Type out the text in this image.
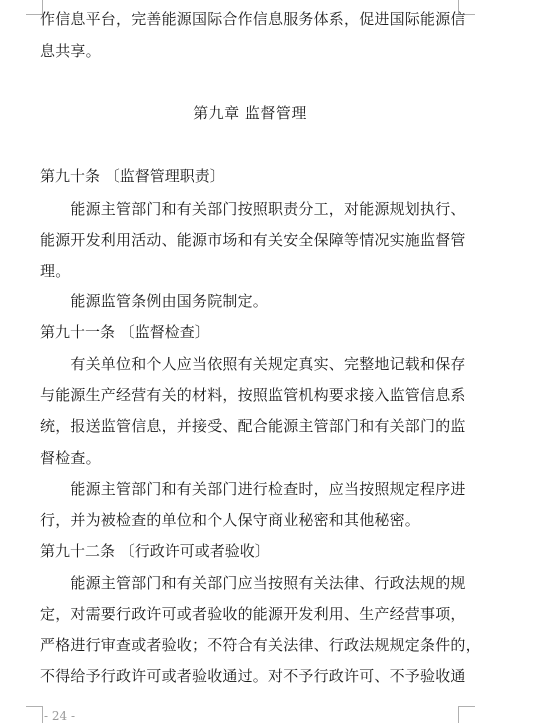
作信息平台，完善能源国际合作信息服务体系，促进国际能源信
息共享。
第九章 监督管理
第九十条 〔监督管理职责〕
　　能源主管部门和有关部门按照职责分工，对能源规划执行、
能源开发利用活动、能源市场和有关安全保障等情况实施监督管
理。
　　能源监管条例由国务院制定。
第九十一条 〔监督检查〕
　　有关单位和个人应当依照有关规定真实、完整地记载和保存
与能源生产经营有关的材料，按照监管机构要求接入监管信息系
统，报送监管信息，并接受、配合能源主管部门和有关部门的监
督检查。
　　能源主管部门和有关部门进行检查时，应当按照规定程序进
行，并为被检查的单位和个人保守商业秘密和其他秘密。
第九十二条 〔行政许可或者验收〕
　　能源主管部门和有关部门应当按照有关法律、行政法规的规
定，对需要行政许可或者验收的能源开发利用、生产经营事项，
严格进行审查或者验收；不符合有关法律、行政法规规定条件的，
不得给予行政许可或者验收通过。对不予行政许可、不予验收通
- 24 -
